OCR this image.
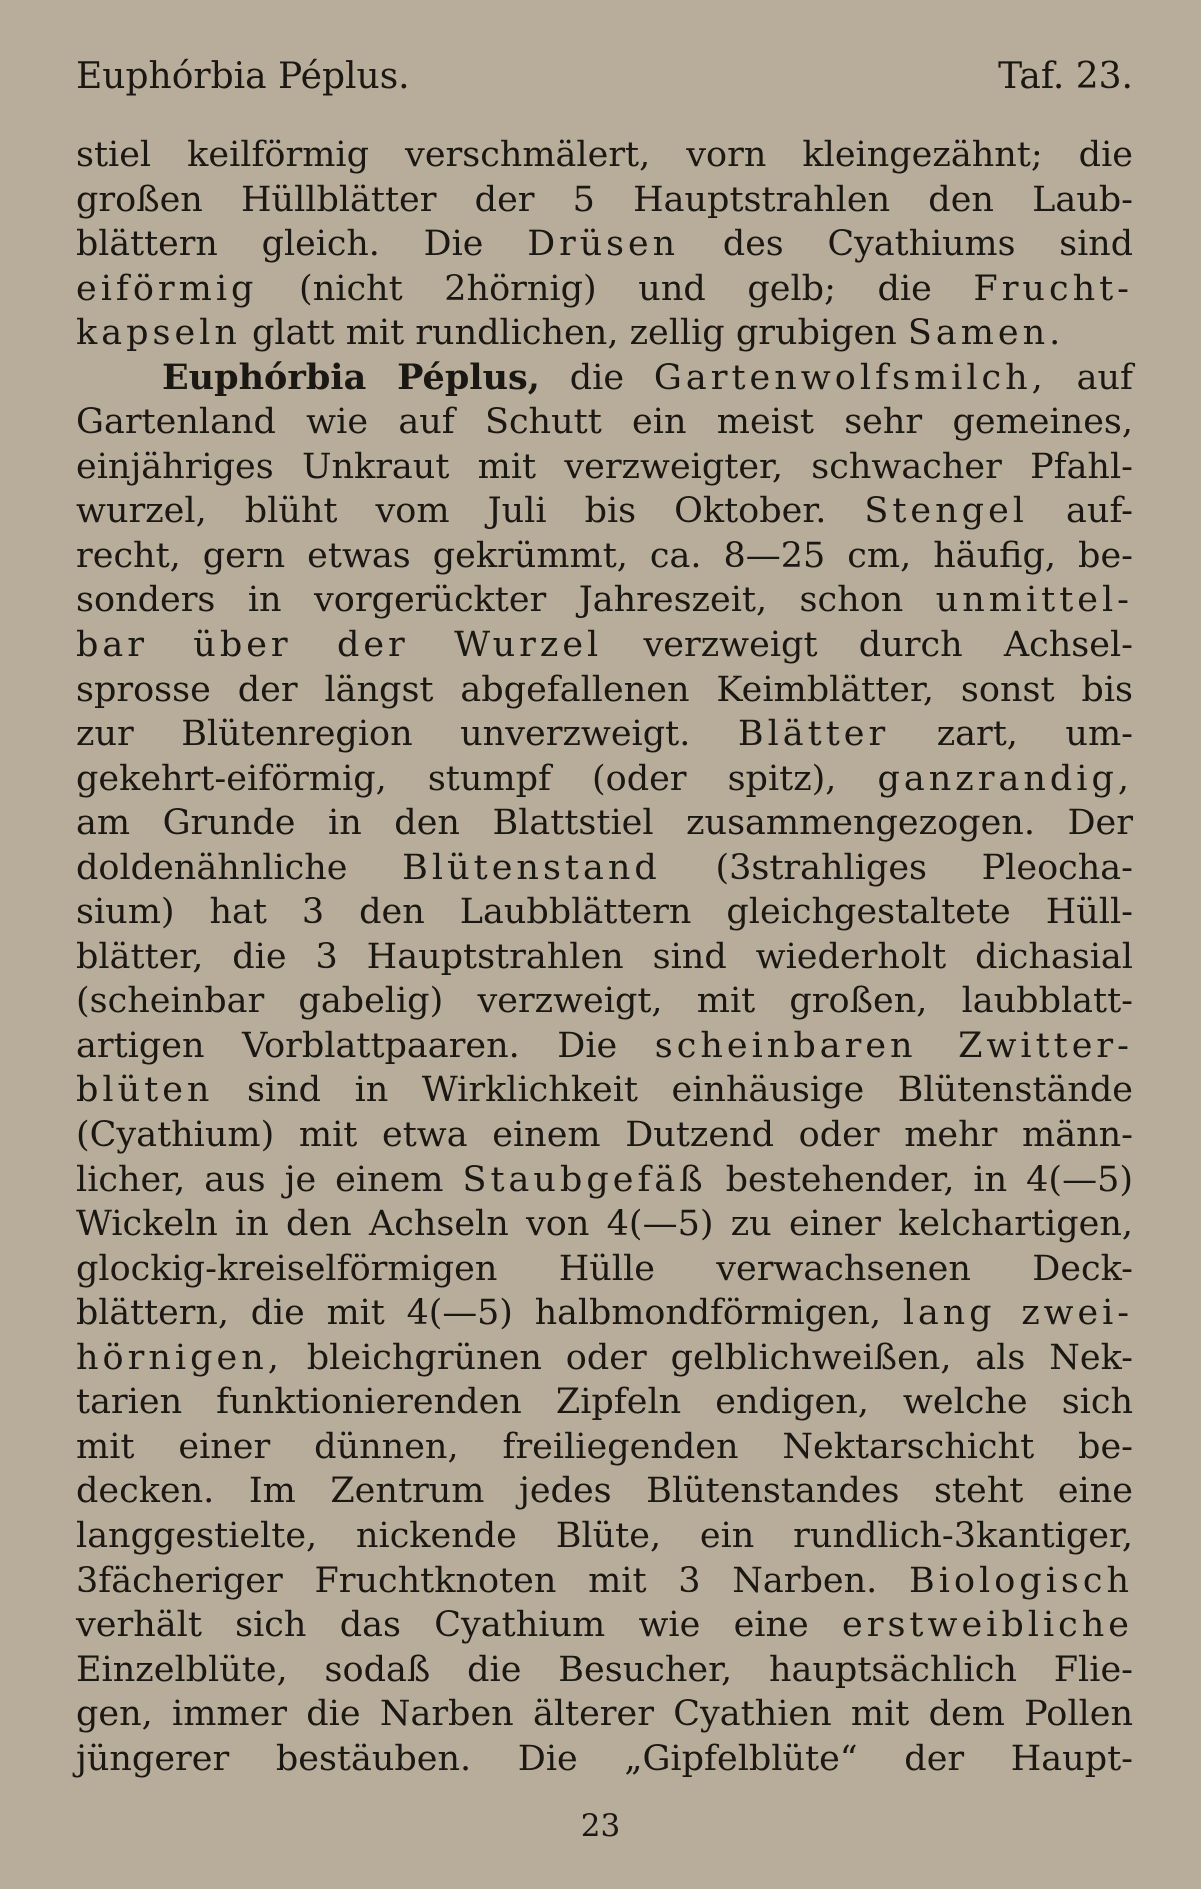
Euphórbia Péplus.	Taf. 23.
stiel keilförmig verschmälert, vorn kleingezähnt; die
großen Hüllblätter der 5 Hauptstrahlen den Laub-
blättern gleich. Die Drüsen des Cyathiums sind
eiförmig (nicht 2hörnig) und gelb; die Frucht-
kapseln glatt mit rundlichen, zellig grubigen Samen.
Euphórbia Péplus, die Gartenwolfsmilch, auf
Gartenland wie auf Schutt ein meist sehr gemeines,
einjähriges Unkraut mit verzweigter, schwacher Pfahl-
wurzel, blüht vom Juli bis Oktober. Stengel auf-
recht, gern etwas gekrümmt, ca. 8—25 cm, häufig, be-
sonders in vorgerückter Jahreszeit, schon unmittel-
bar über der Wurzel verzweigt durch Achsel-
sprosse der längst abgefallenen Keimblätter, sonst bis
zur Blütenregion unverzweigt. Blätter zart, um-
gekehrt-eiförmig, stumpf (oder spitz), ganzrandig,
am Grunde in den Blattstiel zusammengezogen. Der
doldenähnliche Blütenstand (3strahliges Pleocha-
sium) hat 3 den Laubblättern gleichgestaltete Hüll-
blätter, die 3 Hauptstrahlen sind wiederholt dichasial
(scheinbar gabelig) verzweigt, mit großen, laubblatt-
artigen Vorblattpaaren. Die scheinbaren Zwitter-
blüten sind in Wirklichkeit einhäusige Blütenstände
(Cyathium) mit etwa einem Dutzend oder mehr männ-
licher, aus je einem Staubgefäß bestehender, in 4(—5)
Wickeln in den Achseln von 4(—5) zu einer kelchartigen,
glockig-kreiselförmigen Hülle verwachsenen Deck-
blättern, die mit 4(—5) halbmondförmigen, lang zwei-
hörnigen, bleichgrünen oder gelblichweißen, als Nek-
tarien funktionierenden Zipfeln endigen, welche sich
mit einer dünnen, freiliegenden Nektarschicht be-
decken. Im Zentrum jedes Blütenstandes steht eine
langgestielte, nickende Blüte, ein rundlich-3kantiger,
3fächeriger Fruchtknoten mit 3 Narben. Biologisch
verhält sich das Cyathium wie eine erstweibliche
Einzelblüte, sodaß die Besucher, hauptsächlich Flie-
gen, immer die Narben älterer Cyathien mit dem Pollen
jüngerer bestäuben. Die „Gipfelblüte“ der Haupt-
23
